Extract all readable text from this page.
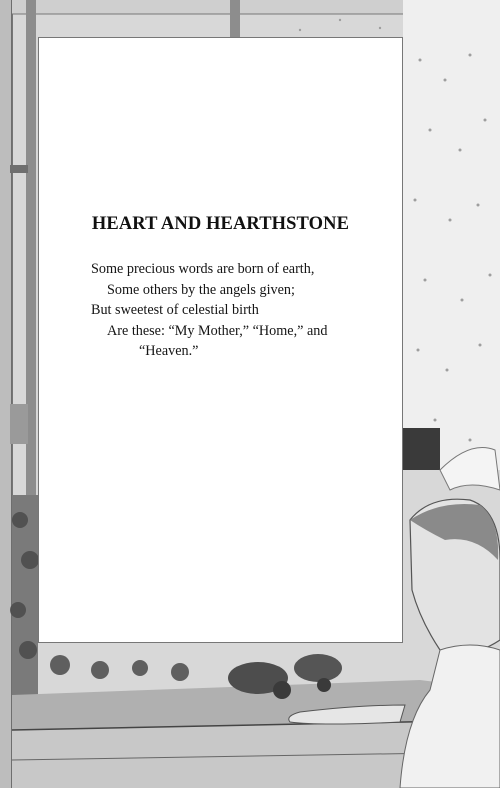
HEART AND HEARTHSTONE
Some precious words are born of earth,
Some others by the angels given;
But sweetest of celestial birth
Are these: “My Mother,” “Home,” and
“Heaven.”
